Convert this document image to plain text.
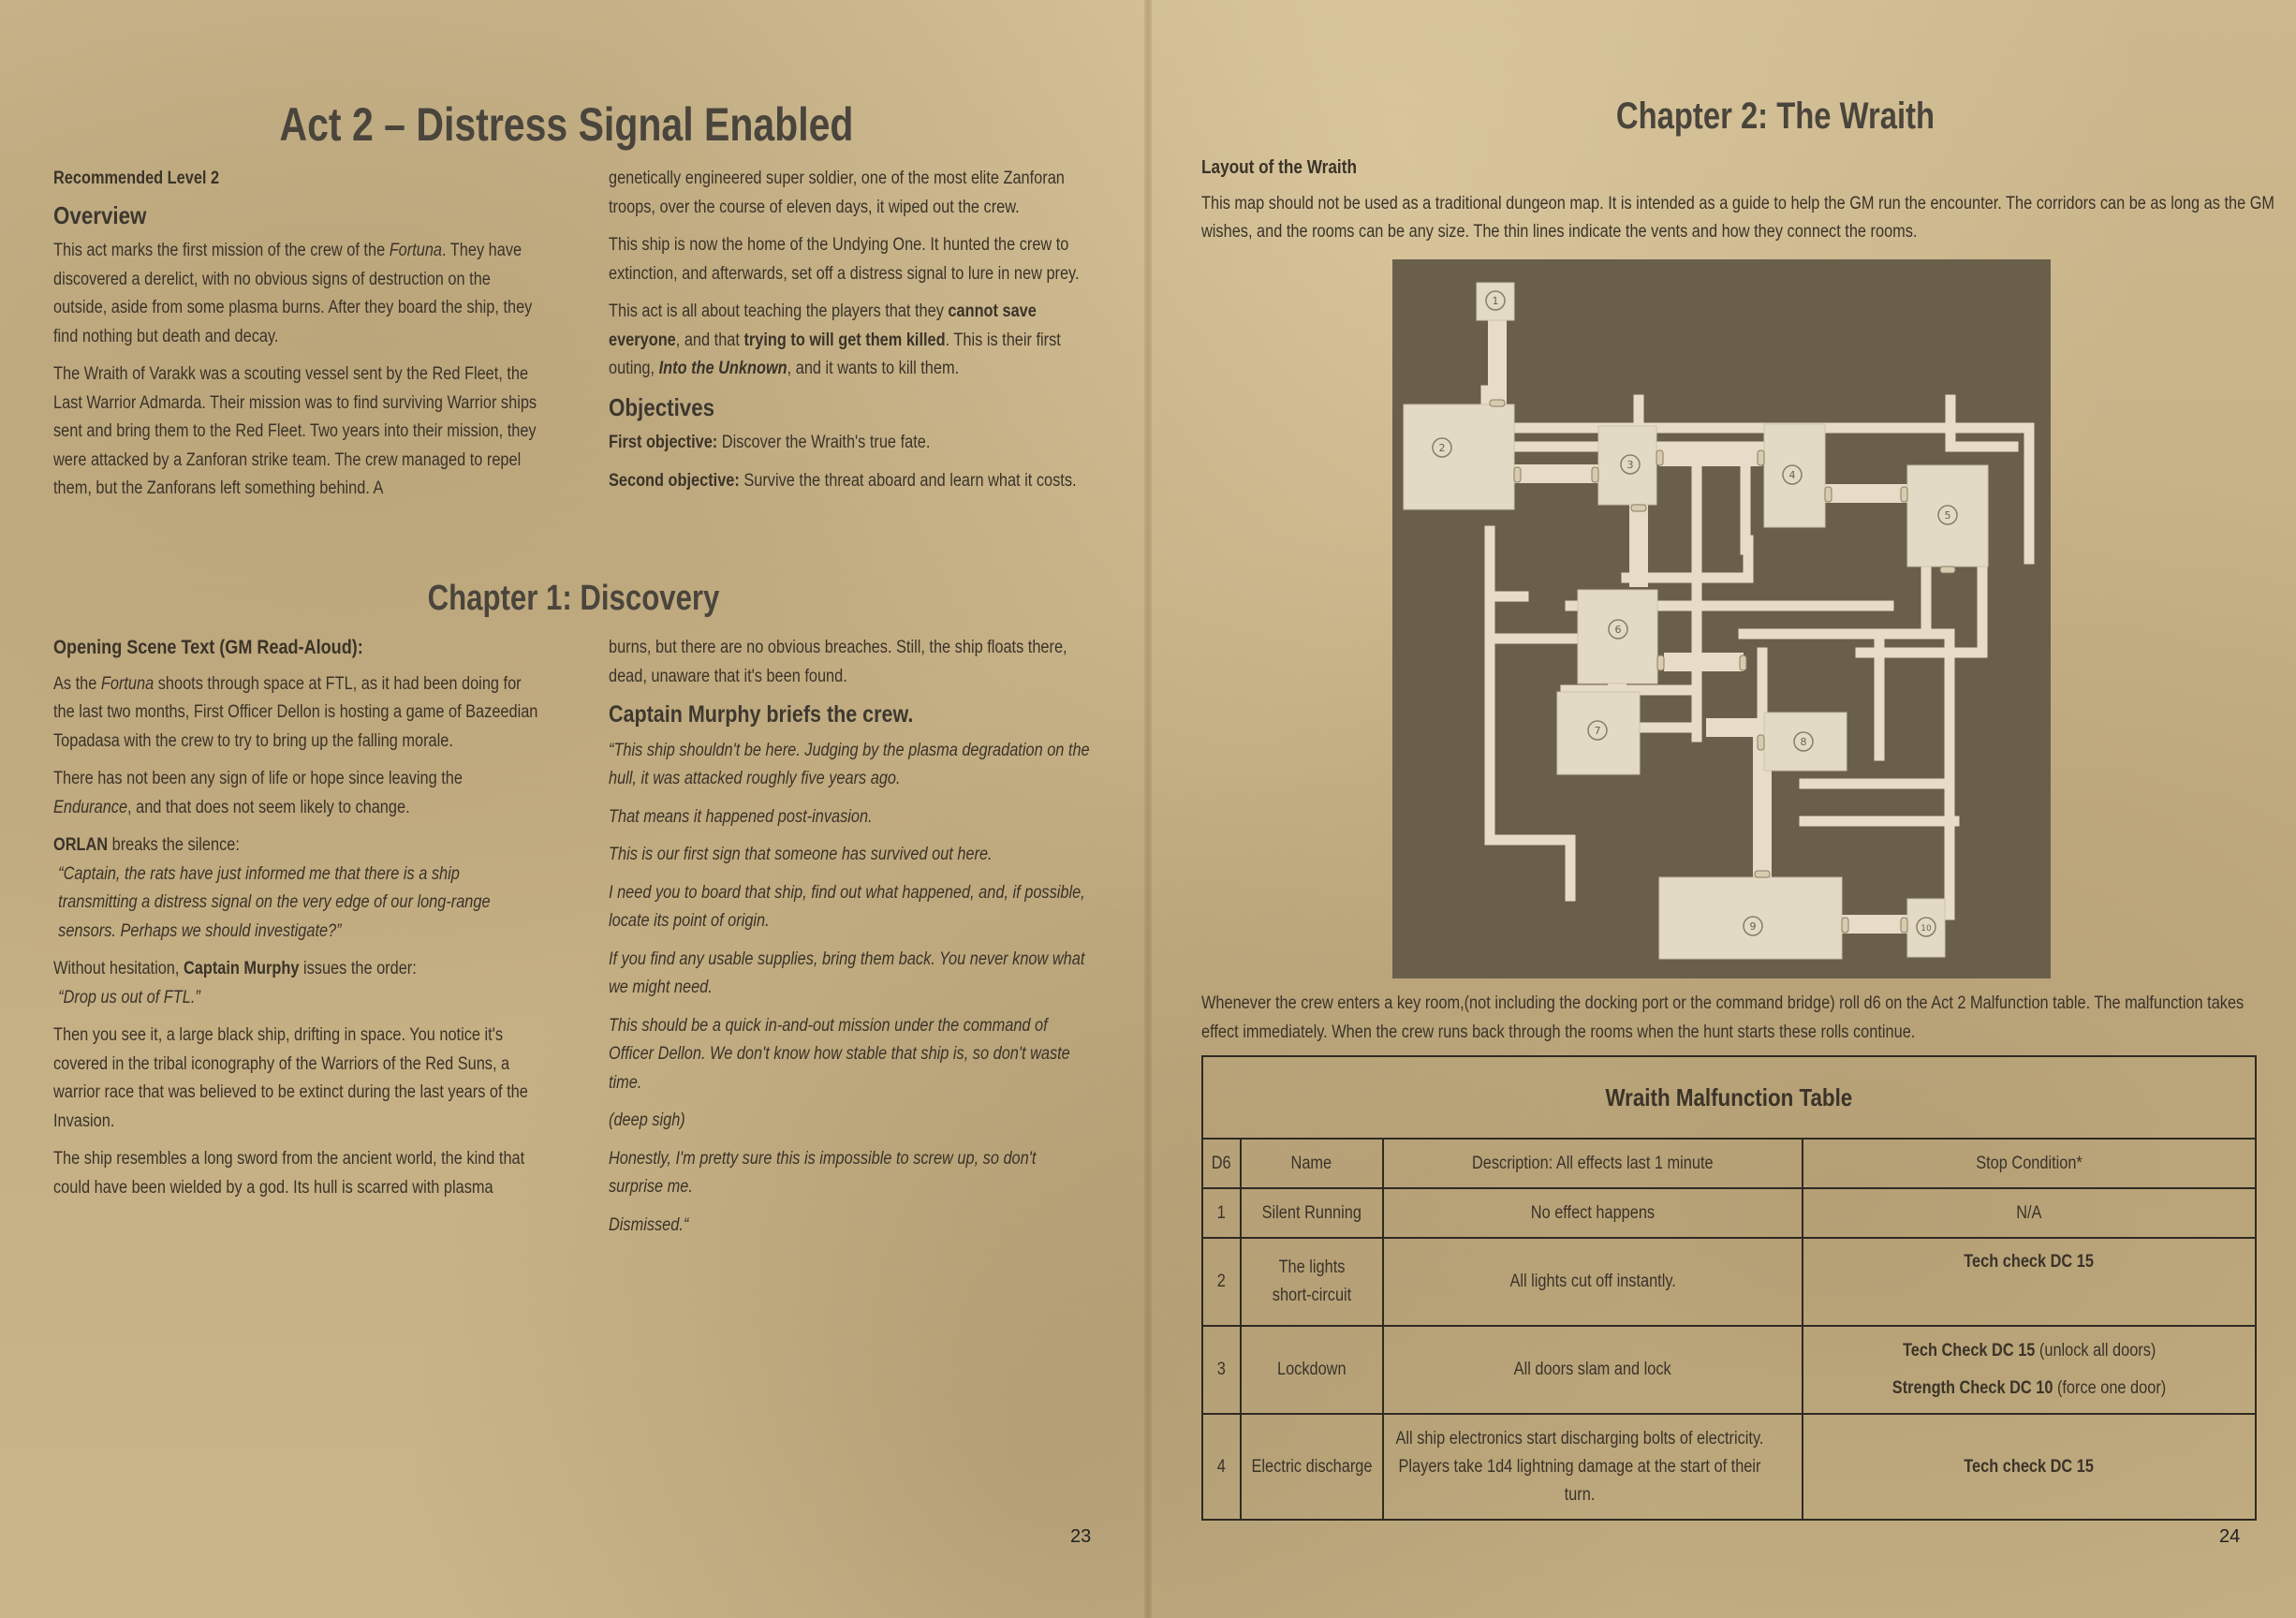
Act 2 – Distress Signal Enabled
Recommended Level 2
Overview

This act marks the first mission of the crew of the Fortuna. They have discovered a derelict, with no obvious signs of destruction on the outside, aside from some plasma burns. After they board the ship, they find nothing but death and decay.

The Wraith of Varakk was a scouting vessel sent by the Red Fleet, the Last Warrior Admarda. Their mission was to find surviving Warrior ships sent and bring them to the Red Fleet. Two years into their mission, they were attacked by a Zanforan strike team. The crew managed to repel them, but the Zanforans left something behind. A

genetically engineered super soldier, one of the most elite Zanforan troops, over the course of eleven days, it wiped out the crew.

This ship is now the home of the Undying One. It hunted the crew to extinction, and afterwards, set off a distress signal to lure in new prey.

This act is all about teaching the players that they cannot save everyone, and that trying to will get them killed. This is their first outing, Into the Unknown, and it wants to kill them.

Objectives

First objective: Discover the Wraith's true fate.

Second objective: Survive the threat aboard and learn what it costs.

Chapter 1: Discovery
Opening Scene Text (GM Read-Aloud):

As the Fortuna shoots through space at FTL, as it had been doing for the last two months, First Officer Dellon is hosting a game of Bazeedian Topadasa with the crew to try to bring up the falling morale.

There has not been any sign of life or hope since leaving the Endurance, and that does not seem likely to change.

ORLAN breaks the silence:

“Captain, the rats have just informed me that there is a ship transmitting a distress signal on the very edge of our long-range sensors. Perhaps we should investigate?”

Without hesitation, Captain Murphy issues the order:

“Drop us out of FTL.”

Then you see it, a large black ship, drifting in space. You notice it's covered in the tribal iconography of the Warriors of the Red Suns, a warrior race that was believed to be extinct during the last years of the Invasion.

The ship resembles a long sword from the ancient world, the kind that could have been wielded by a god. Its hull is scarred with plasma

burns, but there are no obvious breaches. Still, the ship floats there, dead, unaware that it's been found.

Captain Murphy briefs the crew.

“This ship shouldn't be here. Judging by the plasma degradation on the hull, it was attacked roughly five years ago.

That means it happened post-invasion.

This is our first sign that someone has survived out here.

I need you to board that ship, find out what happened, and, if possible, locate its point of origin.

If you find any usable supplies, bring them back. You never know what we might need.

This should be a quick in-and-out mission under the command of Officer Dellon. We don't know how stable that ship is, so don't waste time.

(deep sigh)

Honestly, I'm pretty sure this is impossible to screw up, so don't surprise me.

Dismissed.“

23
Chapter 2: The Wraith
Layout of the Wraith

This map should not be used as a traditional dungeon map. It is intended as a guide to help the GM run the encounter. The corridors can be as long as the GM wishes, and the rooms can be any size. The thin lines indicate the vents and how they connect the rooms.

Whenever the crew enters a key room,(not including the docking port or the command bridge) roll d6 on the Act 2 Malfunction table. The malfunction takes effect immediately. When the crew runs back through the rooms when the hunt starts these rolls continue.

24
1
2
3
4
5
6
7
8
9	10
Wraith Malfunction Table			
D6	Name	Description: All effects last 1 minute	Stop Condition*
1	Silent Running	No effect happens	N/A
2	The lights short-circuit	All lights cut off instantly.	Tech check DC 15
3	Lockdown	All doors slam and lock	Tech Check DC 15 (unlock all doors) Strength Check DC 10 (force one door)
4	Electric discharge	All ship electronics start discharging bolts of electricity. Players take 1d4 lightning damage at the start of their turn.	Tech check DC 15
